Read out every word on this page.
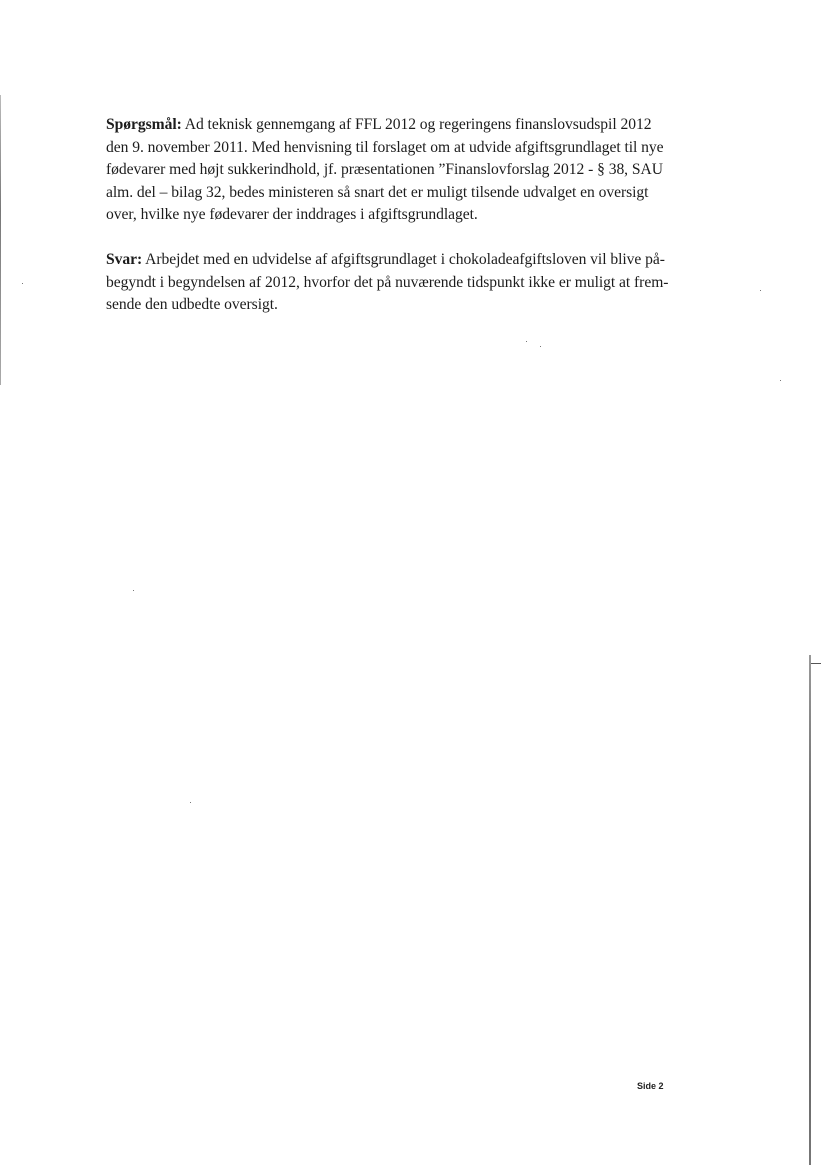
Spørgsmål: Ad teknisk gennemgang af FFL 2012 og regeringens finanslovsudspil 2012
den 9. november 2011. Med henvisning til forslaget om at udvide afgiftsgrundlaget til nye
fødevarer med højt sukkerindhold, jf. præsentationen ”Finanslovforslag 2012 - § 38, SAU
alm. del – bilag 32, bedes ministeren så snart det er muligt tilsende udvalget en oversigt
over, hvilke nye fødevarer der inddrages i afgiftsgrundlaget.
Svar: Arbejdet med en udvidelse af afgiftsgrundlaget i chokoladeafgiftsloven vil blive på-
begyndt i begyndelsen af 2012, hvorfor det på nuværende tidspunkt ikke er muligt at frem-
sende den udbedte oversigt.
Side 2
